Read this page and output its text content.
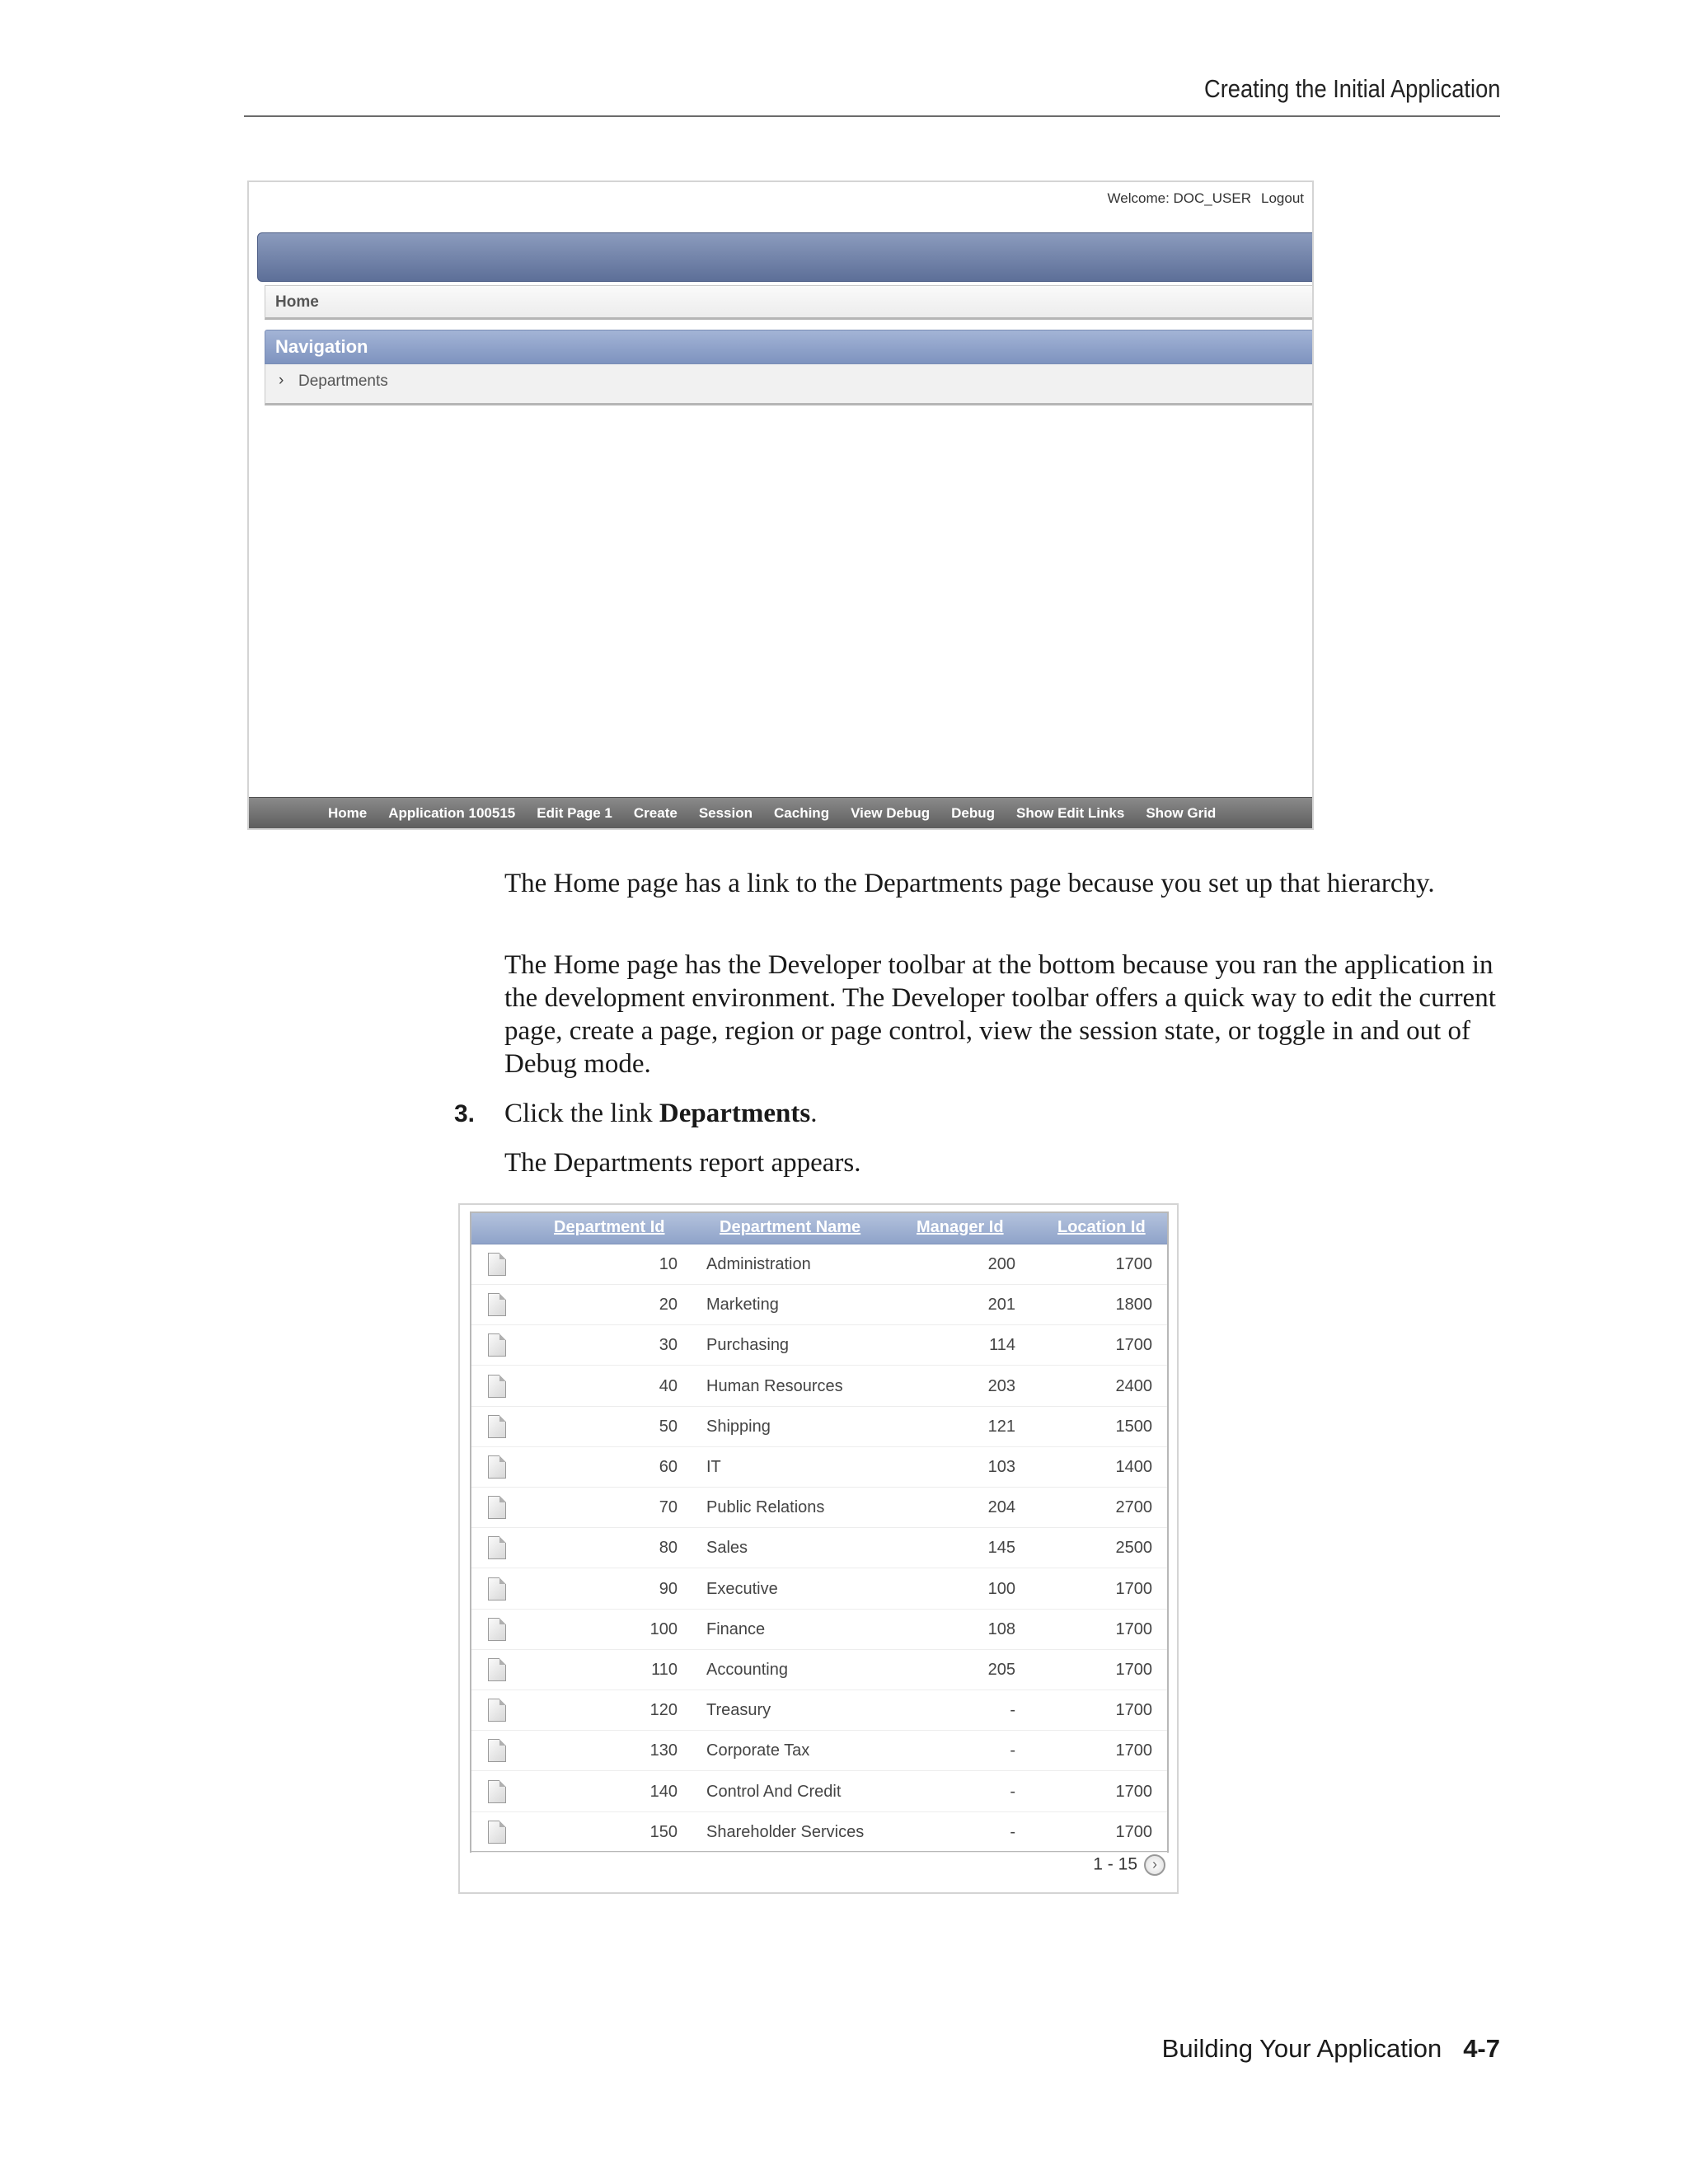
Creating the Initial Application
Welcome: DOC_USER Logout
Home
Navigation
› Departments
Home Application 100515 Edit Page 1 Create Session Caching View Debug Debug Show Edit Links Show Grid

The Home page has a link to the Departments page because you set up that hierarchy.

The Home page has the Developer toolbar at the bottom because you ran the application in the development environment. The Developer toolbar offers a quick way to edit the current page, create a page, region or page control, view the session state, or toggle in and out of Debug mode.

3. Click the link Departments.

The Departments report appears.

Department Id	Department Name	Manager Id	Location Id
10 Administration	200	1700
20 Marketing	201	1800
30 Purchasing	114	1700
40 Human Resources	203	2400
50 Shipping	121	1500
60 IT	103	1400
70 Public Relations	204	2700
80 Sales	145	2500
90 Executive	100	1700
100 Finance	108	1700
110 Accounting	205	1700
120 Treasury	-	1700
130 Corporate Tax	-	1700
140 Control And Credit	-	1700
150 Shareholder Services	-	1700
1 - 15 ›
Building Your Application 4-7
